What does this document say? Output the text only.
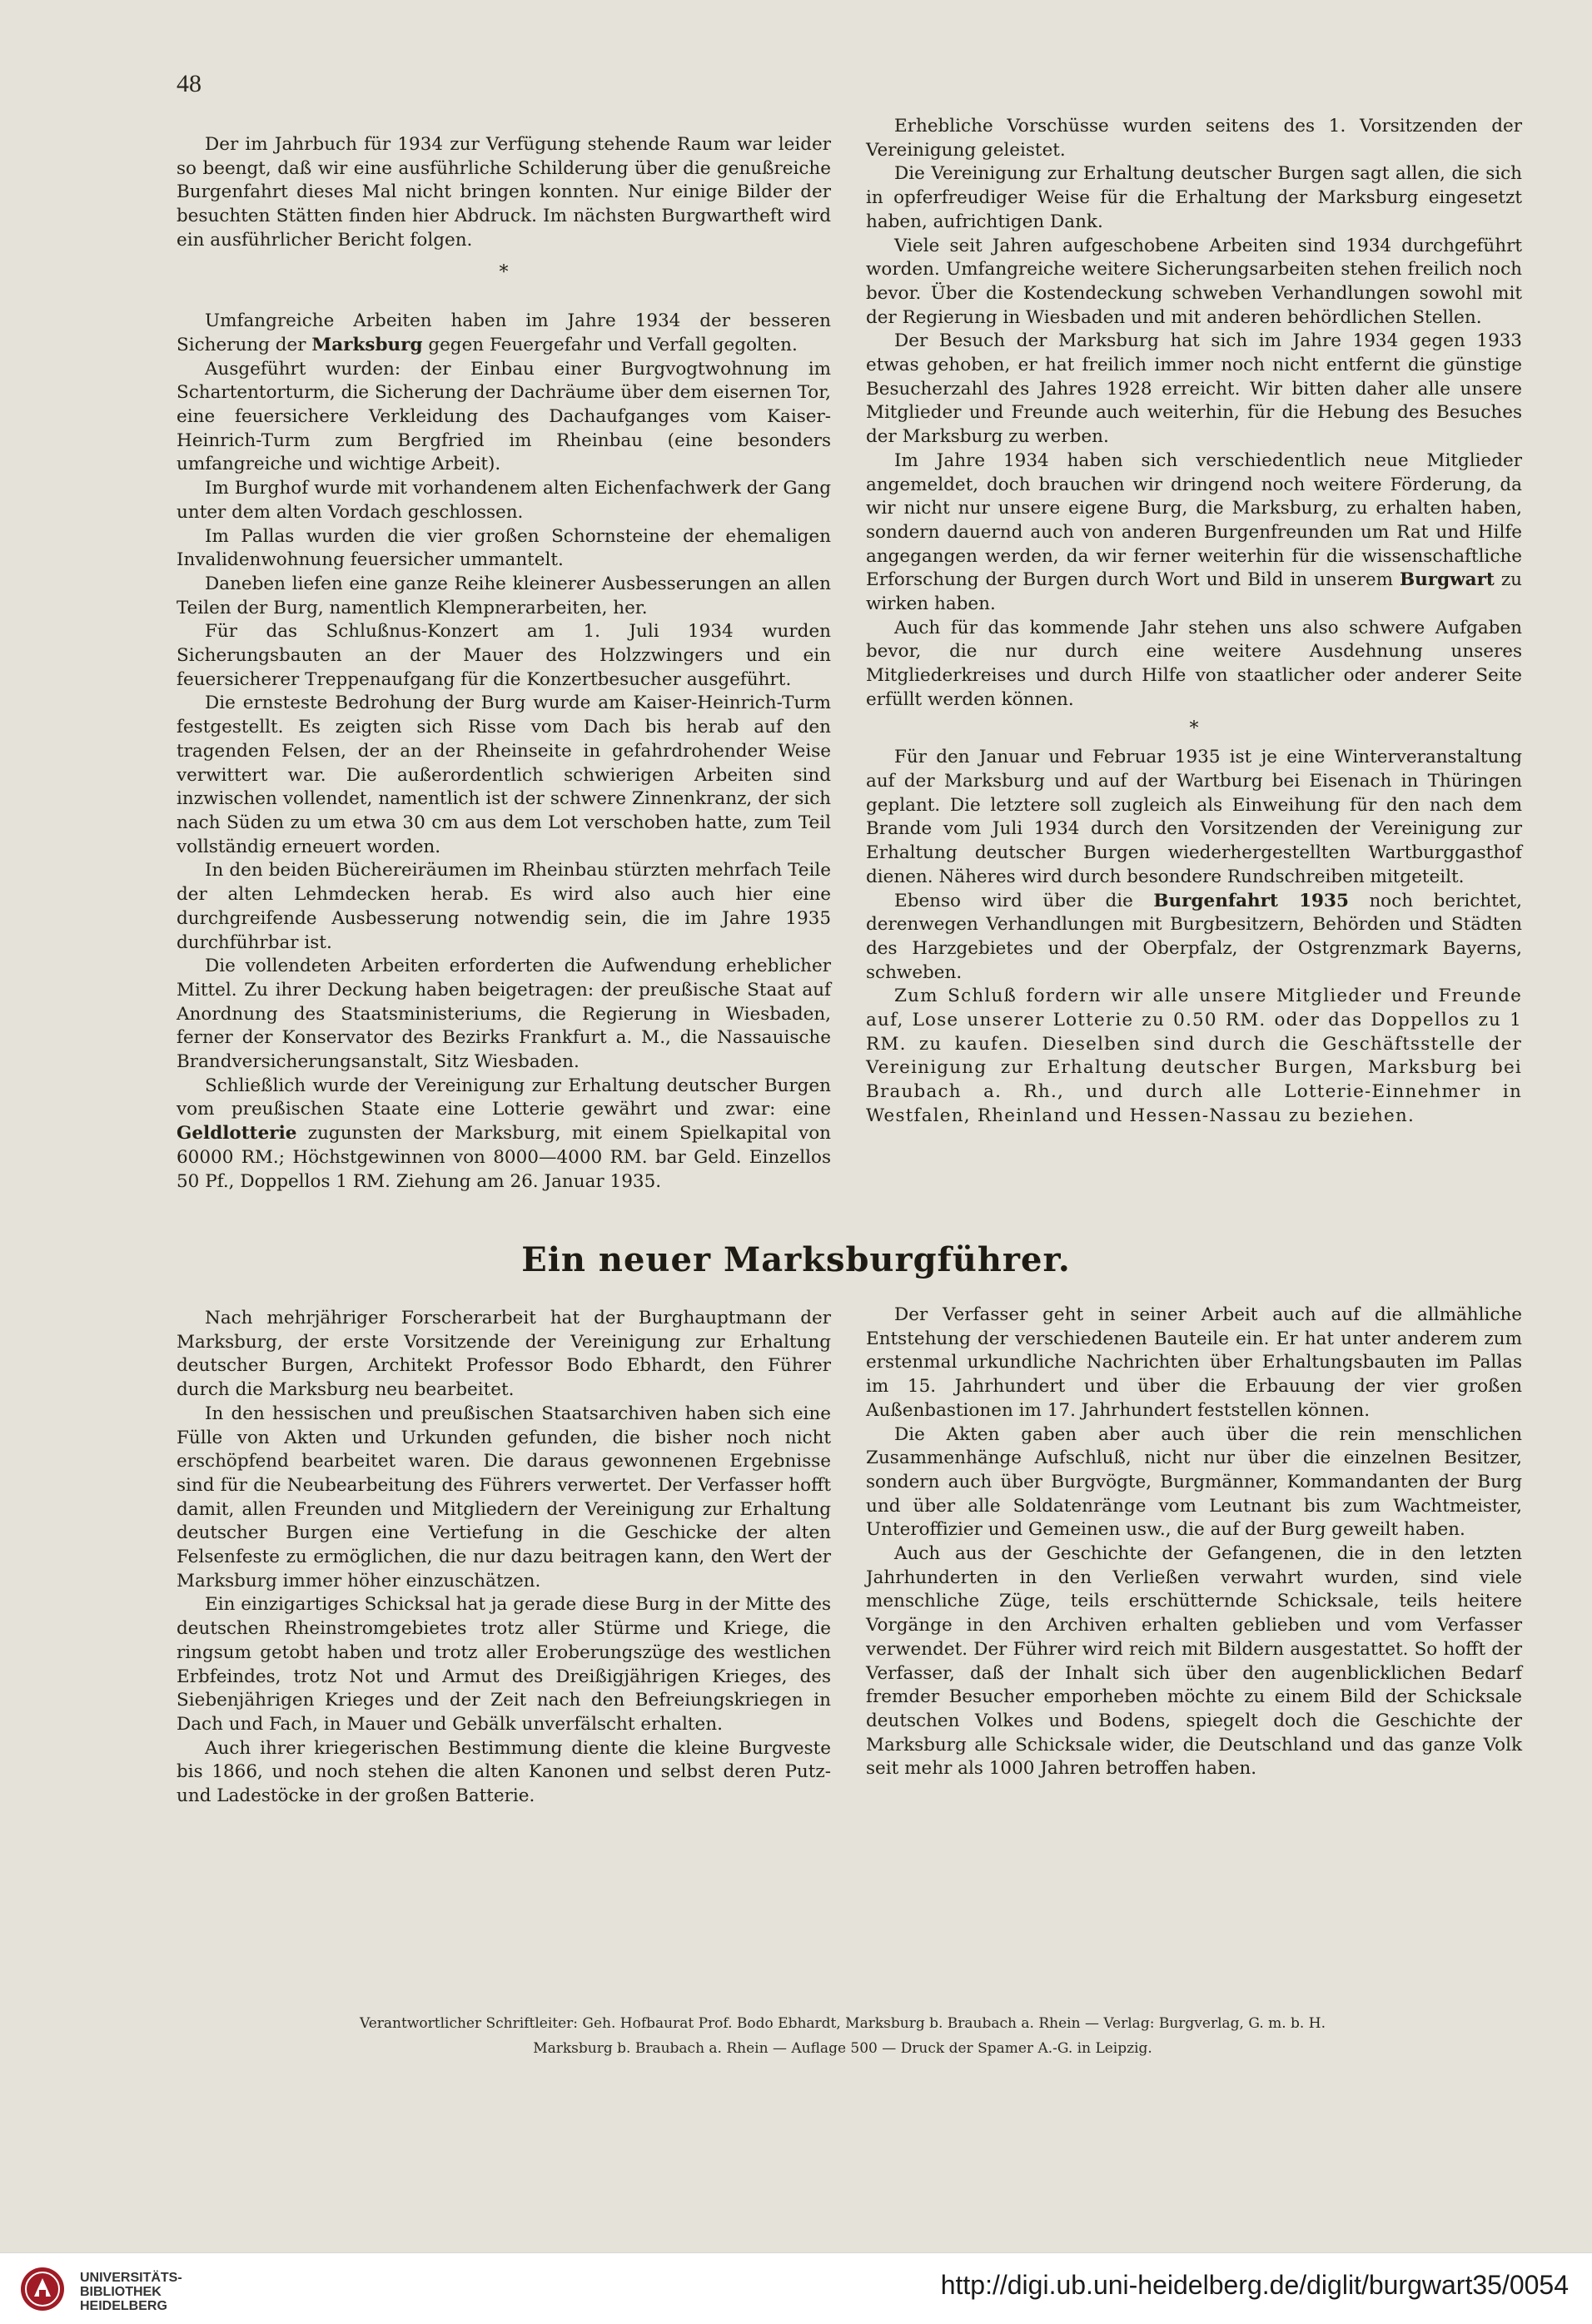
48

Der im Jahrbuch für 1934 zur Verfügung stehende Raum war leider so beengt, daß wir eine ausführliche Schilderung über die genußreiche Burgenfahrt dieses Mal nicht bringen konnten. Nur einige Bilder der besuchten Stätten finden hier Abdruck. Im nächsten Burgwartheft wird ein ausführlicher Bericht folgen.

*

Umfangreiche Arbeiten haben im Jahre 1934 der besseren Sicherung der Marksburg gegen Feuergefahr und Verfall gegolten.

Ausgeführt wurden: der Einbau einer Burgvogtwohnung im Schartentorturm, die Sicherung der Dachräume über dem eisernen Tor, eine feuersichere Verkleidung des Dachaufganges vom Kaiser-Heinrich-Turm zum Bergfried im Rheinbau (eine besonders umfangreiche und wichtige Arbeit).

Im Burghof wurde mit vorhandenem alten Eichenfachwerk der Gang unter dem alten Vordach geschlossen.

Im Pallas wurden die vier großen Schornsteine der ehemaligen Invalidenwohnung feuersicher ummantelt.

Daneben liefen eine ganze Reihe kleinerer Ausbesserungen an allen Teilen der Burg, namentlich Klempnerarbeiten, her.

Für das Schlußnus-Konzert am 1. Juli 1934 wurden Sicherungsbauten an der Mauer des Holzzwingers und ein feuersicherer Treppenaufgang für die Konzertbesucher ausgeführt.

Die ernsteste Bedrohung der Burg wurde am Kaiser-Heinrich-Turm festgestellt. Es zeigten sich Risse vom Dach bis herab auf den tragenden Felsen, der an der Rheinseite in gefahrdrohender Weise verwittert war. Die außerordentlich schwierigen Arbeiten sind inzwischen vollendet, namentlich ist der schwere Zinnenkranz, der sich nach Süden zu um etwa 30 cm aus dem Lot verschoben hatte, zum Teil vollständig erneuert worden.

In den beiden Büchereiräumen im Rheinbau stürzten mehrfach Teile der alten Lehmdecken herab. Es wird also auch hier eine durchgreifende Ausbesserung notwendig sein, die im Jahre 1935 durchführbar ist.

Die vollendeten Arbeiten erforderten die Aufwendung erheblicher Mittel. Zu ihrer Deckung haben beigetragen: der preußische Staat auf Anordnung des Staatsministeriums, die Regierung in Wiesbaden, ferner der Konservator des Bezirks Frankfurt a. M., die Nassauische Brandversicherungsanstalt, Sitz Wiesbaden.

Schließlich wurde der Vereinigung zur Erhaltung deutscher Burgen vom preußischen Staate eine Lotterie gewährt und zwar: eine Geldlotterie zugunsten der Marksburg, mit einem Spielkapital von 60000 RM.; Höchstgewinnen von 8000—4000 RM. bar Geld. Einzellos 50 Pf., Doppellos 1 RM. Ziehung am 26. Januar 1935.

Erhebliche Vorschüsse wurden seitens des 1. Vorsitzenden der Vereinigung geleistet.

Die Vereinigung zur Erhaltung deutscher Burgen sagt allen, die sich in opferfreudiger Weise für die Erhaltung der Marksburg eingesetzt haben, aufrichtigen Dank.

Viele seit Jahren aufgeschobene Arbeiten sind 1934 durchgeführt worden. Umfangreiche weitere Sicherungsarbeiten stehen freilich noch bevor. Über die Kostendeckung schweben Verhandlungen sowohl mit der Regierung in Wiesbaden und mit anderen behördlichen Stellen.

Der Besuch der Marksburg hat sich im Jahre 1934 gegen 1933 etwas gehoben, er hat freilich immer noch nicht entfernt die günstige Besucherzahl des Jahres 1928 erreicht. Wir bitten daher alle unsere Mitglieder und Freunde auch weiterhin, für die Hebung des Besuches der Marksburg zu werben.

Im Jahre 1934 haben sich verschiedentlich neue Mitglieder angemeldet, doch brauchen wir dringend noch weitere Förderung, da wir nicht nur unsere eigene Burg, die Marksburg, zu erhalten haben, sondern dauernd auch von anderen Burgenfreunden um Rat und Hilfe angegangen werden, da wir ferner weiterhin für die wissenschaftliche Erforschung der Burgen durch Wort und Bild in unserem Burgwart zu wirken haben.

Auch für das kommende Jahr stehen uns also schwere Aufgaben bevor, die nur durch eine weitere Ausdehnung unseres Mitgliederkreises und durch Hilfe von staatlicher oder anderer Seite erfüllt werden können.

*

Für den Januar und Februar 1935 ist je eine Winterveranstaltung auf der Marksburg und auf der Wartburg bei Eisenach in Thüringen geplant. Die letztere soll zugleich als Einweihung für den nach dem Brande vom Juli 1934 durch den Vorsitzenden der Vereinigung zur Erhaltung deutscher Burgen wiederhergestellten Wartburggasthof dienen. Näheres wird durch besondere Rundschreiben mitgeteilt.

Ebenso wird über die Burgenfahrt 1935 noch berichtet, derenwegen Verhandlungen mit Burgbesitzern, Behörden und Städten des Harzgebietes und der Oberpfalz, der Ostgrenzmark Bayerns, schweben.

Zum Schluß fordern wir alle unsere Mitglieder und Freunde auf, Lose unserer Lotterie zu 0.50 RM. oder das Doppellos zu 1 RM. zu kaufen. Dieselben sind durch die Geschäftsstelle der Vereinigung zur Erhaltung deutscher Burgen, Marksburg bei Braubach a. Rh., und durch alle Lotterie-Einnehmer in Westfalen, Rheinland und Hessen-Nassau zu beziehen.

Ein neuer Marksburgführer.

Nach mehrjähriger Forscherarbeit hat der Burghauptmann der Marksburg, der erste Vorsitzende der Vereinigung zur Erhaltung deutscher Burgen, Architekt Professor Bodo Ebhardt, den Führer durch die Marksburg neu bearbeitet.

In den hessischen und preußischen Staatsarchiven haben sich eine Fülle von Akten und Urkunden gefunden, die bisher noch nicht erschöpfend bearbeitet waren. Die daraus gewonnenen Ergebnisse sind für die Neubearbeitung des Führers verwertet. Der Verfasser hofft damit, allen Freunden und Mitgliedern der Vereinigung zur Erhaltung deutscher Burgen eine Vertiefung in die Geschicke der alten Felsenfeste zu ermöglichen, die nur dazu beitragen kann, den Wert der Marksburg immer höher einzuschätzen.

Ein einzigartiges Schicksal hat ja gerade diese Burg in der Mitte des deutschen Rheinstromgebietes trotz aller Stürme und Kriege, die ringsum getobt haben und trotz aller Eroberungszüge des westlichen Erbfeindes, trotz Not und Armut des Dreißigjährigen Krieges, des Siebenjährigen Krieges und der Zeit nach den Befreiungskriegen in Dach und Fach, in Mauer und Gebälk unverfälscht erhalten.

Auch ihrer kriegerischen Bestimmung diente die kleine Burgveste bis 1866, und noch stehen die alten Kanonen und selbst deren Putz- und Ladestöcke in der großen Batterie.

Der Verfasser geht in seiner Arbeit auch auf die allmähliche Entstehung der verschiedenen Bauteile ein. Er hat unter anderem zum erstenmal urkundliche Nachrichten über Erhaltungsbauten im Pallas im 15. Jahrhundert und über die Erbauung der vier großen Außenbastionen im 17. Jahrhundert feststellen können.

Die Akten gaben aber auch über die rein menschlichen Zusammenhänge Aufschluß, nicht nur über die einzelnen Besitzer, sondern auch über Burgvögte, Burgmänner, Kommandanten der Burg und über alle Soldatenränge vom Leutnant bis zum Wachtmeister, Unteroffizier und Gemeinen usw., die auf der Burg geweilt haben.

Auch aus der Geschichte der Gefangenen, die in den letzten Jahrhunderten in den Verließen verwahrt wurden, sind viele menschliche Züge, teils erschütternde Schicksale, teils heitere Vorgänge in den Archiven erhalten geblieben und vom Verfasser verwendet. Der Führer wird reich mit Bildern ausgestattet. So hofft der Verfasser, daß der Inhalt sich über den augenblicklichen Bedarf fremder Besucher emporheben möchte zu einem Bild der Schicksale deutschen Volkes und Bodens, spiegelt doch die Geschichte der Marksburg alle Schicksale wider, die Deutschland und das ganze Volk seit mehr als 1000 Jahren betroffen haben.

Verantwortlicher Schriftleiter: Geh. Hofbaurat Prof. Bodo Ebhardt, Marksburg b. Braubach a. Rhein — Verlag: Burgverlag, G. m. b. H.
Marksburg b. Braubach a. Rhein — Auflage 500 — Druck der Spamer A.-G. in Leipzig.
UNIVERSITÄTS-
BIBLIOTHEK
HEIDELBERG
http://digi.ub.uni-heidelberg.de/diglit/burgwart35/0054
